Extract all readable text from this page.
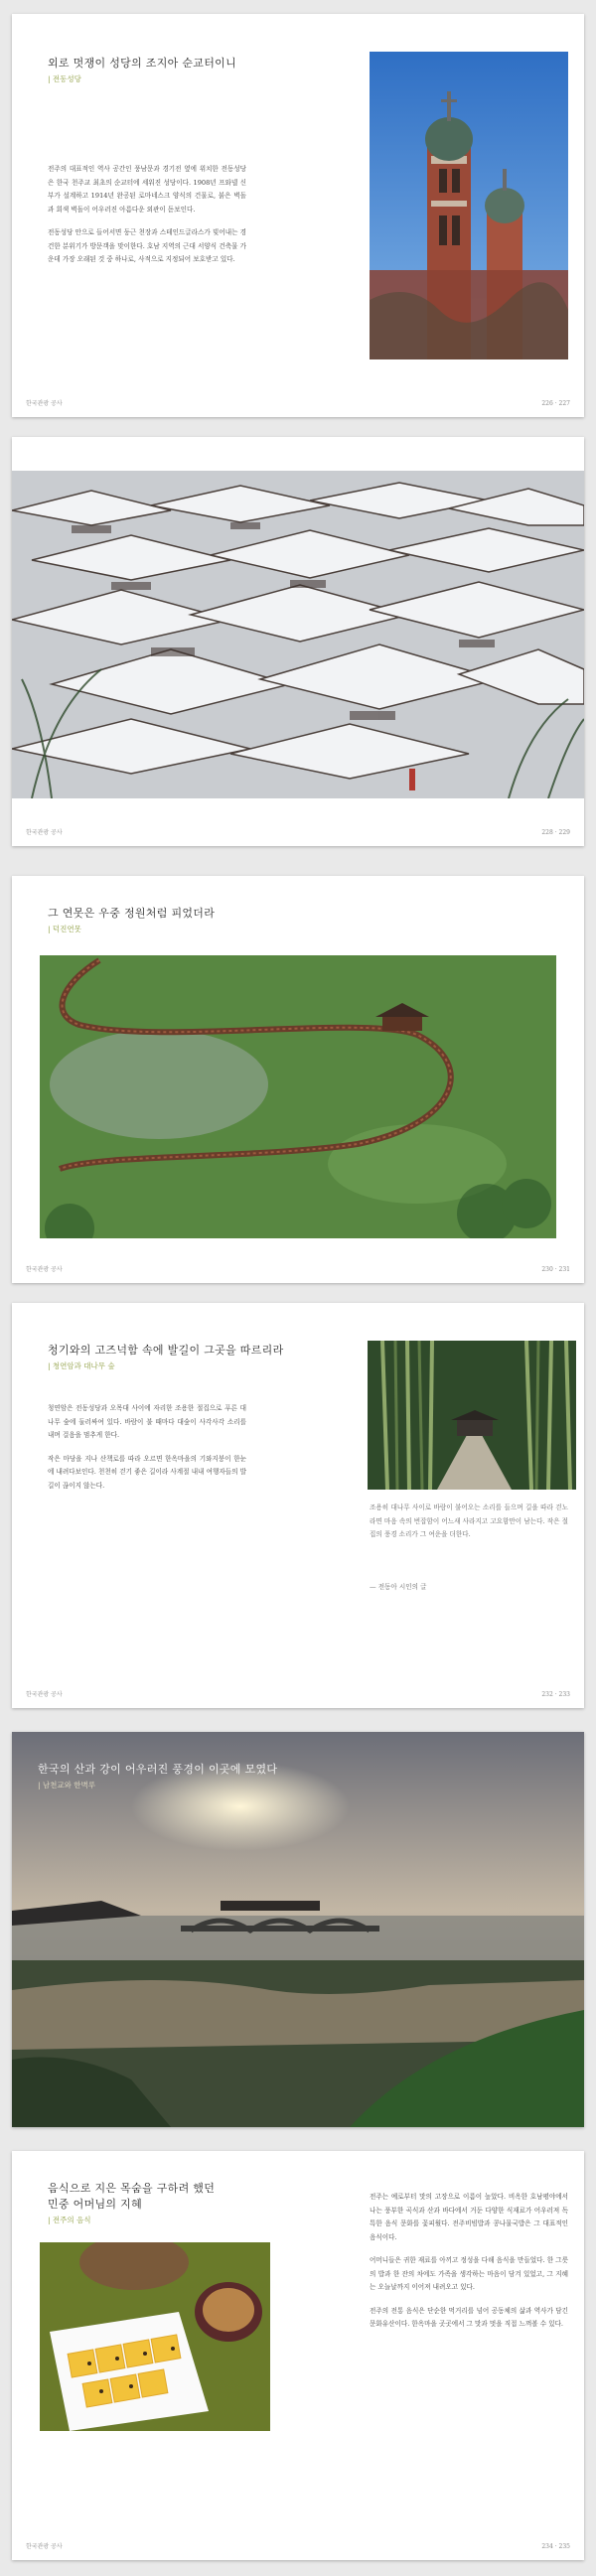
외로 멋쟁이 성당의 조지아 순교터이니
| 전동성당

전주의 대표적인 역사 공간인 풍남문과 경기전 옆에 위치한 전동성당은 한국 천주교 최초의 순교터에 세워진 성당이다. 1908년 프와넬 신부가 설계하고 1914년 완공된 로마네스크 양식의 건물로, 붉은 벽돌과 회색 벽돌이 어우러진 아름다운 외관이 돋보인다.

전동성당 안으로 들어서면 둥근 천장과 스테인드글라스가 빚어내는 경건한 분위기가 방문객을 맞이한다. 호남 지역의 근대 서양식 건축물 가운데 가장 오래된 것 중 하나로, 사적으로 지정되어 보호받고 있다.

한국관광 공사	226 · 227
한국관광 공사	228 · 229
그 연못은 우중 정원처럼 피었더라
| 덕진연못
한국관광 공사	230 · 231
청기와의 고즈넉함 속에 발길이 그곳을 따르리라
| 청연암과 대나무 숲

청연암은 전동성당과 오목대 사이에 자리한 조용한 절집으로 푸른 대나무 숲에 둘러싸여 있다. 바람이 불 때마다 대숲이 사각사각 소리를 내며 걸음을 멈추게 한다.

작은 마당을 지나 산책로를 따라 오르면 한옥마을의 기와지붕이 한눈에 내려다보인다. 천천히 걷기 좋은 길이라 사계절 내내 여행자들의 발길이 끊이지 않는다.

조용히 대나무 사이로 바람이 불어오는 소리를 들으며 길을 따라 걷노라면 마음 속의 번잡함이 어느새 사라지고 고요함만이 남는다. 작은 절집의 풍경 소리가 그 여운을 더한다.
— 전동아 시인의 글
한국관광 공사	232 · 233
한국의 산과 강이 어우러진 풍경이 이곳에 모였다
| 남천교와 한벽루
음식으로 지은 목숨을 구하려 했던
민중 어머님의 지혜
| 전주의 음식

전주는 예로부터 맛의 고장으로 이름이 높았다. 비옥한 호남평야에서 나는 풍부한 곡식과 산과 바다에서 거둔 다양한 식재료가 어우러져 독특한 음식 문화를 꽃피웠다. 전주비빔밥과 콩나물국밥은 그 대표적인 음식이다.

어머니들은 귀한 재료를 아끼고 정성을 다해 음식을 만들었다. 한 그릇의 밥과 한 잔의 차에도 가족을 생각하는 마음이 담겨 있었고, 그 지혜는 오늘날까지 이어져 내려오고 있다.

전주의 전통 음식은 단순한 먹거리를 넘어 공동체의 삶과 역사가 담긴 문화유산이다. 한옥마을 곳곳에서 그 맛과 멋을 직접 느껴볼 수 있다.

한국관광 공사	234 · 235
